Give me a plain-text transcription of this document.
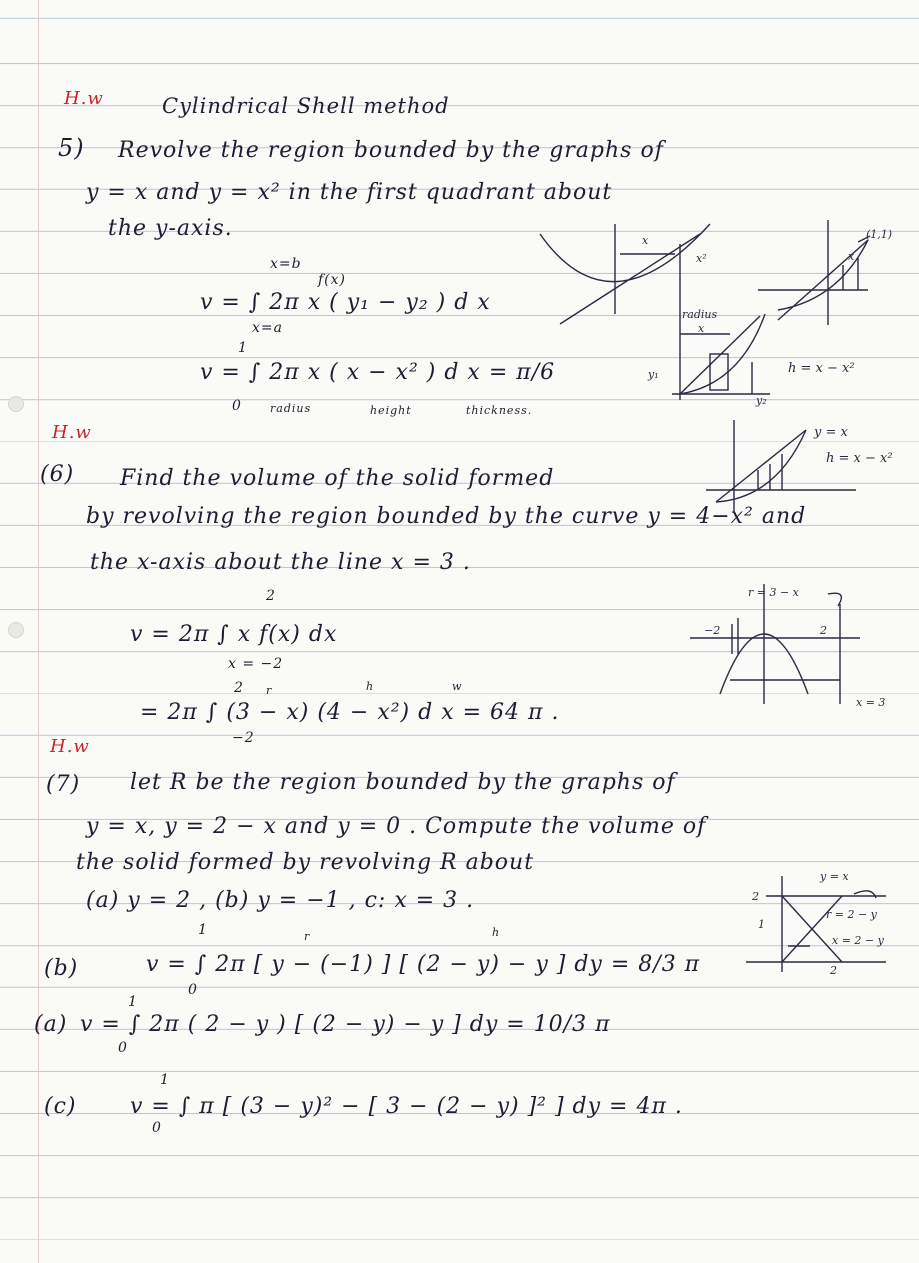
H.w	Cylindrical Shell method
5) Revolve the region bounded by the graphs of
y = x and y = x² in the first quadrant about
the y-axis.
x=b
f(x)
v = ∫ 2π x ( y₁ − y₂ ) d x
x=a
1
v = ∫ 2π x ( x − x² ) d x = π/6
0	radius	height	thickness.
H.w
(6) Find the volume of the solid formed
by revolving the region bounded by the curve y = 4−x² and
the x-axis about the line x = 3 .
2
v = 2π ∫ x f(x) dx
x = −2
2 r	h	w
= 2π ∫ (3 − x) (4 − x²) d x = 64 π .
−2
H.w
(7) let R be the region bounded by the graphs of
y = x, y = 2 − x and y = 0 . Compute the volume of
the solid formed by revolving R about
(a) y = 2 , (b) y = −1 , c: x = 3 .
1	r	h
(b)	v = ∫ 2π [ y − (−1) ] [ (2 − y) − y ] dy = 8/3 π
0
1
(a) v = ∫ 2π ( 2 − y ) [ (2 − y) − y ] dy = 10/3 π
0
1
(c) v = ∫ π [ (3 − y)² − [ 3 − (2 − y) ]² ] dy = 4π .
0
x
x²	x
(1,1)
radius
x
y₁
y₂
h = x − x²
y = x
h = x − x²
r = 3 − x
−2	2
x = 3
y = x
2
1
r = 2 − y
x = 2 − y
2
